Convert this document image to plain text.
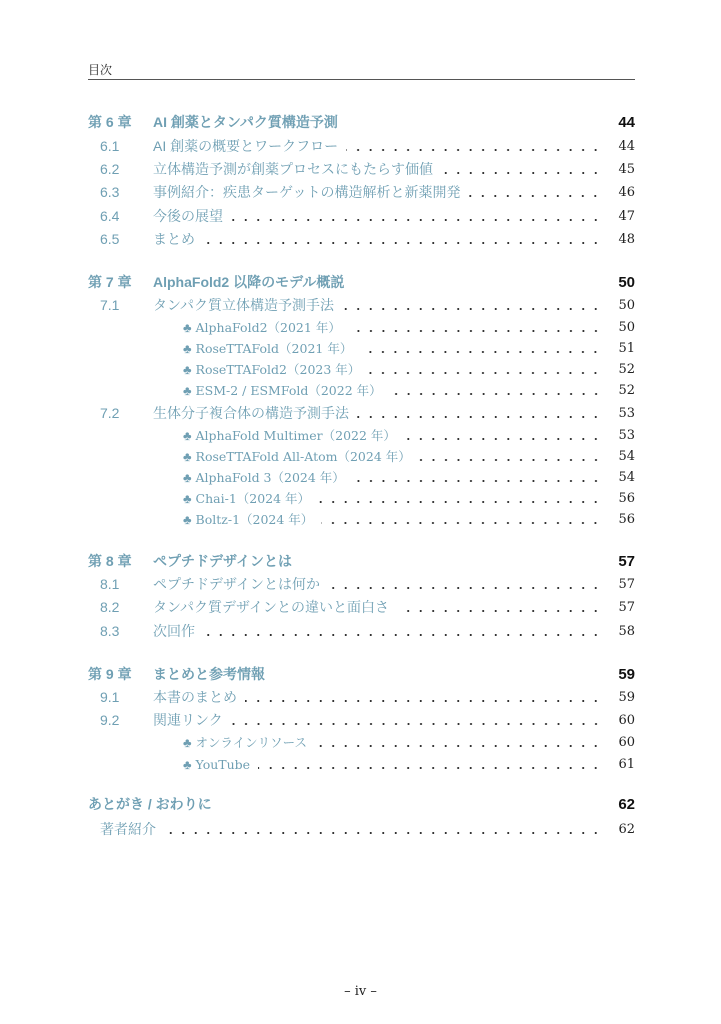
目次
第 6 章 AI 創薬とタンパク質構造予測	44
6.1 AI 創薬の概要とワークフロー	44
6.2 立体構造予測が創薬プロセスにもたらす価値	45
6.3 事例紹介：疾患ターゲットの構造解析と新薬開発	46
6.4 今後の展望	47
6.5 まとめ	48
第 7 章 AlphaFold2 以降のモデル概説	50
7.1 タンパク質立体構造予測手法	50
♣ AlphaFold2（2021 年）	50
♣ RoseTTAFold（2021 年）	51
♣ RoseTTAFold2（2023 年）	52
♣ ESM-2 / ESMFold（2022 年）	52
7.2 生体分子複合体の構造予測手法	53
♣ AlphaFold Multimer（2022 年）	53
♣ RoseTTAFold All-Atom（2024 年）	54
♣ AlphaFold 3（2024 年）	54
♣ Chai-1（2024 年）	56
♣ Boltz-1（2024 年）	56
第 8 章 ペプチドデザインとは	57
8.1 ペプチドデザインとは何か	57
8.2 タンパク質デザインとの違いと面白さ	57
8.3 次回作	58
第 9 章 まとめと参考情報	59
9.1 本書のまとめ	59
9.2 関連リンク	60
♣ オンラインリソース	60
♣ YouTube	61
あとがき / おわりに	62
著者紹介	62
– iv –
